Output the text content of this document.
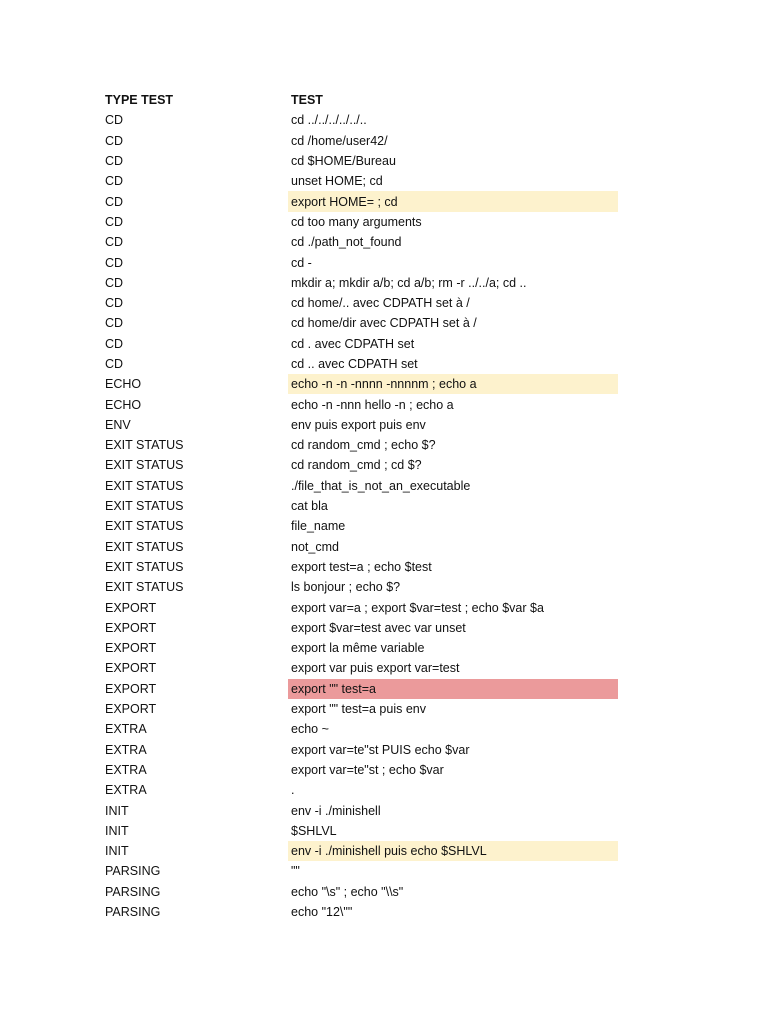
TYPE TEST	TEST
CD	cd ../../../../../..
CD	cd /home/user42/
CD	cd $HOME/Bureau
CD	unset HOME; cd
CD	export HOME= ; cd
CD	cd too many arguments
CD	cd ./path_not_found
CD	cd -
CD	mkdir a; mkdir a/b; cd a/b; rm -r ../../a; cd ..
CD	cd home/.. avec CDPATH set à /
CD	cd home/dir avec CDPATH set à /
CD	cd . avec CDPATH set
CD	cd .. avec CDPATH set
ECHO	echo -n -n -nnnn -nnnnm ; echo a
ECHO	echo -n -nnn hello -n ; echo a
ENV	env puis export puis env
EXIT STATUS	cd random_cmd ; echo $?
EXIT STATUS	cd random_cmd ; cd $?
EXIT STATUS	./file_that_is_not_an_executable
EXIT STATUS	cat bla
EXIT STATUS	file_name
EXIT STATUS	not_cmd
EXIT STATUS	export test=a ; echo $test
EXIT STATUS	ls bonjour ; echo $?
EXPORT	export var=a ; export $var=test ; echo $var $a
EXPORT	export $var=test avec var unset
EXPORT	export la même variable
EXPORT	export var puis export var=test
EXPORT	export "" test=a
EXPORT	export "" test=a puis env
EXTRA	echo ~
EXTRA	export var=te"st PUIS echo $var
EXTRA	export var=te"st ; echo $var
EXTRA	.
INIT	env -i ./minishell
INIT	$SHLVL
INIT	env -i ./minishell puis echo $SHLVL
PARSING	""
PARSING	echo "\s" ; echo "\\s"
PARSING	echo "12\""
